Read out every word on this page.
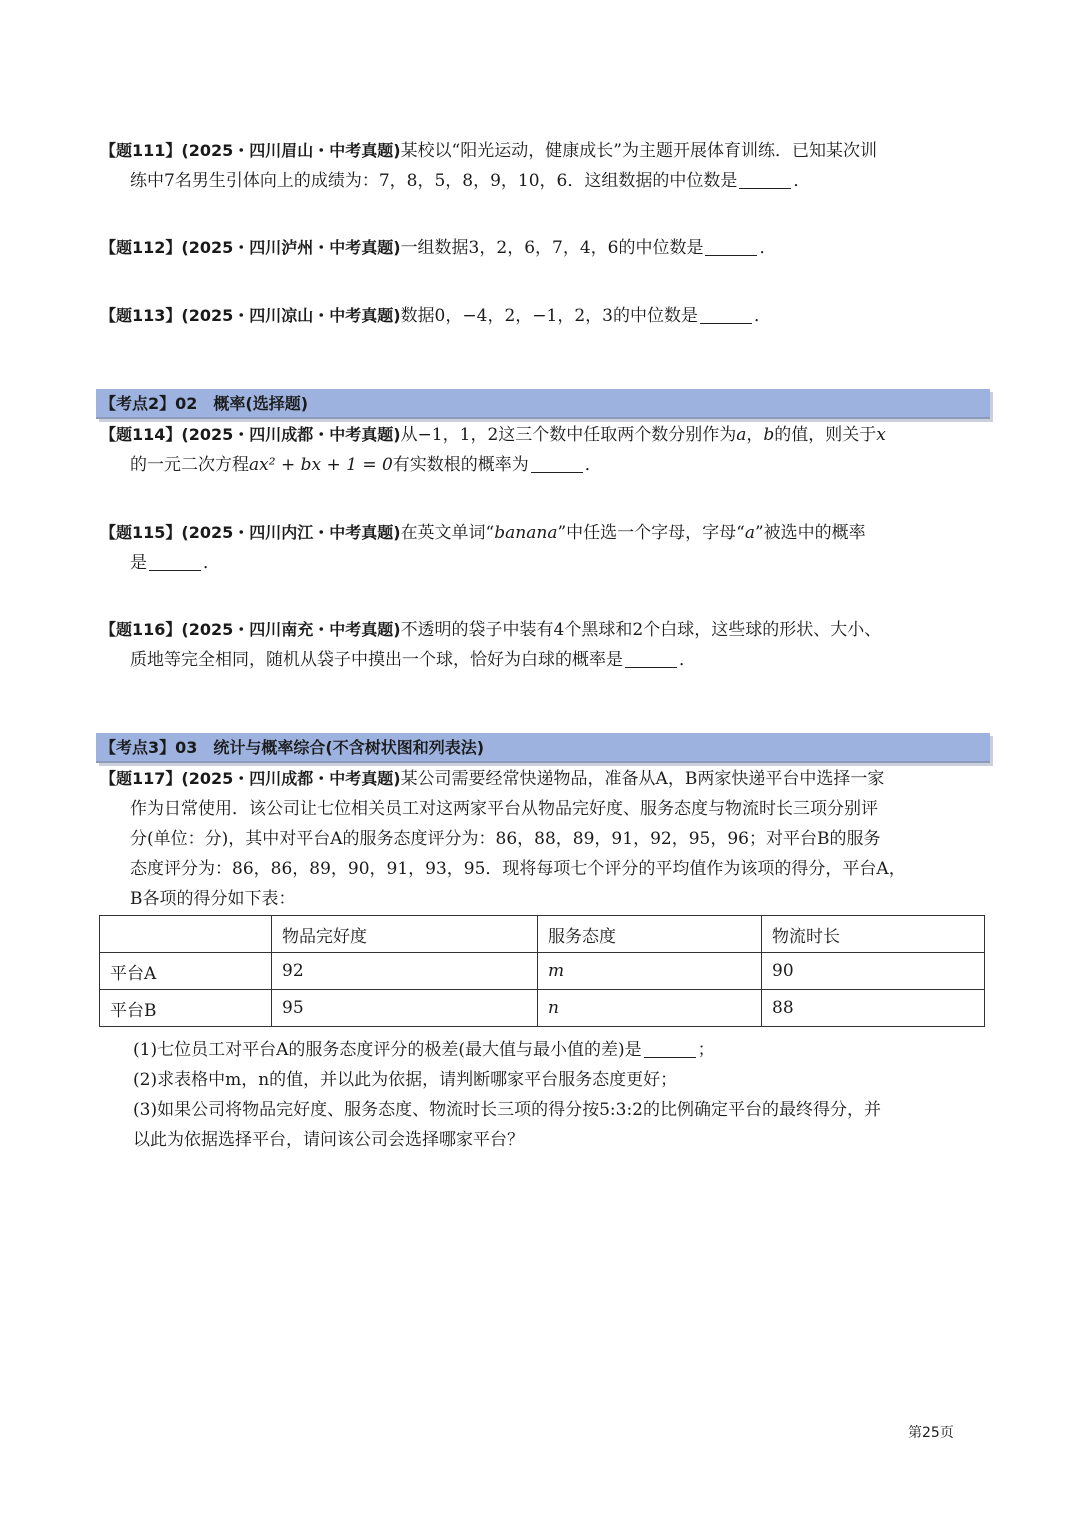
【题111】(2025・四川眉山・中考真题)某校以“阳光运动，健康成长”为主题开展体育训练．已知某次训
练中7名男生引体向上的成绩为：7，8，5，8，9，10，6．这组数据的中位数是	．
【题112】(2025・四川泸州・中考真题)一组数据3，2，6，7，4，6的中位数是	．
【题113】(2025・四川凉山・中考真题)数据0，−4，2，−1，2，3的中位数是	．
【考点2】02　概率(选择题)
【题114】(2025・四川成都・中考真题)从−1，1，2这三个数中任取两个数分别作为a，b的值，则关于x
的一元二次方程ax² + bx + 1 = 0有实数根的概率为	．
【题115】(2025・四川内江・中考真题)在英文单词“banana”中任选一个字母，字母“a”被选中的概率
是	．
【题116】(2025・四川南充・中考真题)不透明的袋子中装有4个黑球和2个白球，这些球的形状、大小、
质地等完全相同，随机从袋子中摸出一个球，恰好为白球的概率是	．
【考点3】03　统计与概率综合(不含树状图和列表法)
【题117】(2025・四川成都・中考真题)某公司需要经常快递物品，准备从A，B两家快递平台中选择一家
作为日常使用．该公司让七位相关员工对这两家平台从物品完好度、服务态度与物流时长三项分别评
分(单位：分)，其中对平台A的服务态度评分为：86，88，89，91，92，95，96；对平台B的服务
态度评分为：86，86，89，90，91，93，95．现将每项七个评分的平均值作为该项的得分，平台A，
B各项的得分如下表：
	物品完好度	服务态度	物流时长
平台A	92	m	90
平台B	95	n	88
(1)七位员工对平台A的服务态度评分的极差(最大值与最小值的差)是	；
(2)求表格中m，n的值，并以此为依据，请判断哪家平台服务态度更好；
(3)如果公司将物品完好度、服务态度、物流时长三项的得分按5:3:2的比例确定平台的最终得分，并
以此为依据选择平台，请问该公司会选择哪家平台？
第25页
